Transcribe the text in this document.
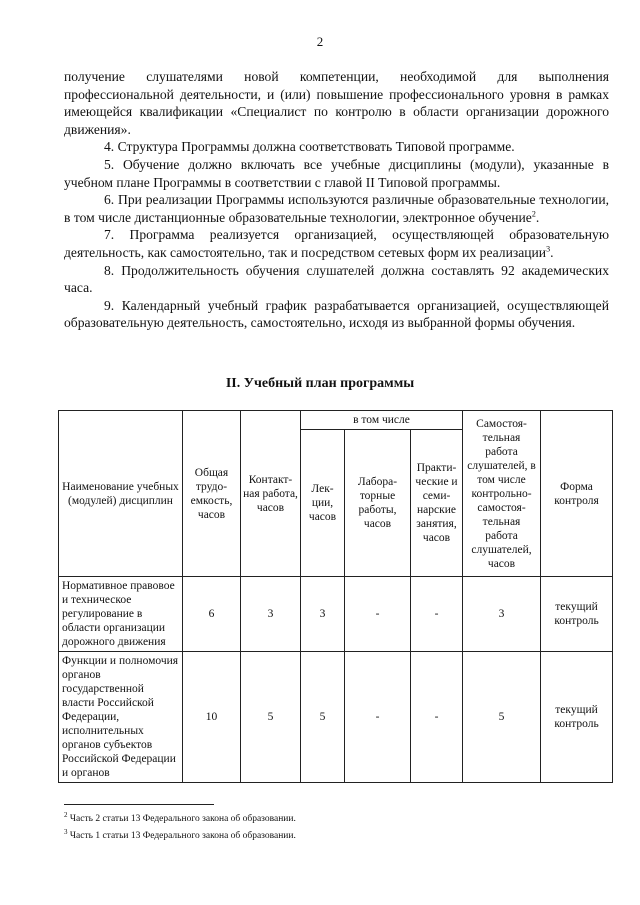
2

получение слушателями новой компетенции, необходимой для выполнения профессиональной деятельности, и (или) повышение профессионального уровня в рамках имеющейся квалификации «Специалист по контролю в области организации дорожного движения».

4. Структура Программы должна соответствовать Типовой программе.

5. Обучение должно включать все учебные дисциплины (модули), указанные в учебном плане Программы в соответствии с главой II Типовой программы.

6. При реализации Программы используются различные образовательные технологии, в том числе дистанционные образовательные технологии, электронное обучение$^2$.

7. Программа реализуется организацией, осуществляющей образовательную деятельность, как самостоятельно, так и посредством сетевых форм их реализации$^3$.

8. Продолжительность обучения слушателей должна составлять 92 академических часа.

9. Календарный учебный график разрабатывается организацией, осуществляющей образовательную деятельность, самостоятельно, исходя из выбранной формы обучения.

II. Учебный план программы
Наименование учебных (модулей) дисциплин	Общая трудо-емкость, часов	Контакт-ная работа, часов	в том числе			Самостоя-тельная работа слушателей, в том числе контрольно-самостоя-тельная работа слушателей, часов	Форма контроля
			Лек-ции, часов	Лабора-торные работы, часов	Практи-ческие и семи-нарские занятия, часов		
Нормативное правовое и техническое регулирование в области организации дорожного движения	6	3	3	-	-	3	текущий контроль
Функции и полномочия органов государственной власти Российской Федерации, исполнительных органов субъектов Российской Федерации и органов	10	5	5	-	-	5	текущий контроль
$^2$ Часть 2 статьи 13 Федерального закона об образовании.
$^3$ Часть 1 статьи 13 Федерального закона об образовании.
